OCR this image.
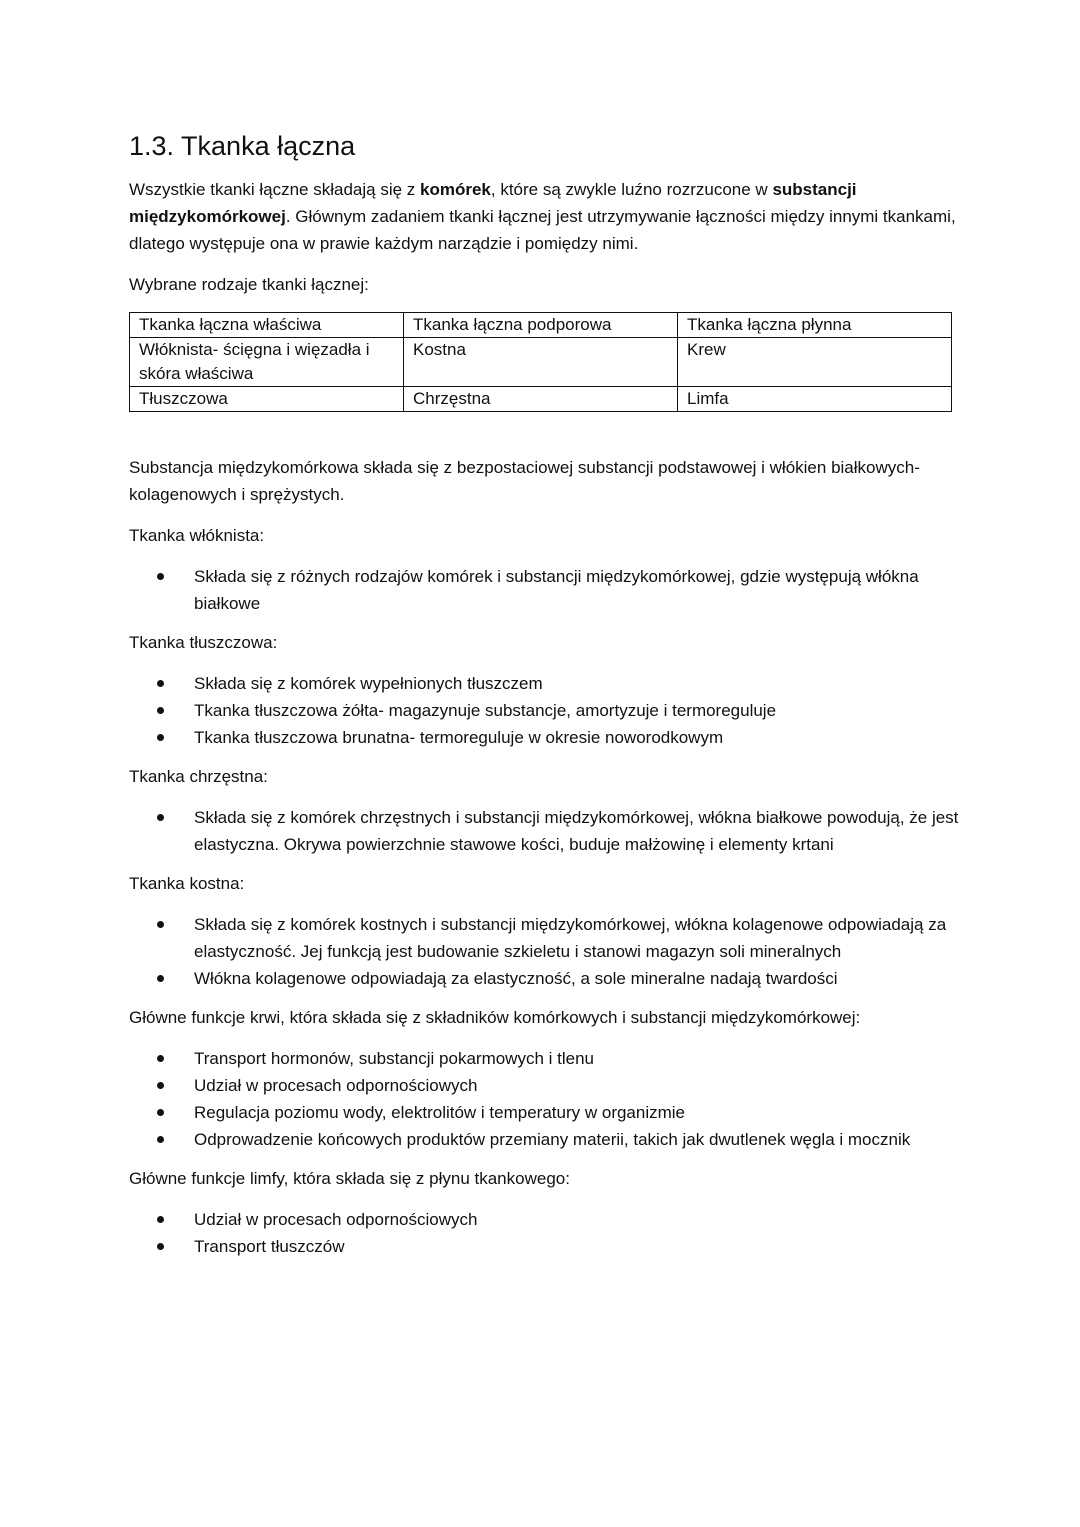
1.3. Tkanka łączna

Wszystkie tkanki łączne składają się z komórek, które są zwykle luźno rozrzucone w substancji międzykomórkowej. Głównym zadaniem tkanki łącznej jest utrzymywanie łączności między innymi tkankami, dlatego występuje ona w prawie każdym narządzie i pomiędzy nimi.

Wybrane rodzaje tkanki łącznej:

Tkanka łączna właściwa	Tkanka łączna podporowa	Tkanka łączna płynna
Włóknista- ścięgna i więzadła i skóra właściwa	Kostna	Krew
Tłuszczowa	Chrzęstna	Limfa

Substancja międzykomórkowa składa się z bezpostaciowej substancji podstawowej i włókien białkowych- kolagenowych i sprężystych.

Tkanka włóknista:

Składa się z różnych rodzajów komórek i substancji międzykomórkowej, gdzie występują włókna białkowe

Tkanka tłuszczowa:

Składa się z komórek wypełnionych tłuszczem
Tkanka tłuszczowa żółta- magazynuje substancje, amortyzuje i termoreguluje
Tkanka tłuszczowa brunatna- termoreguluje w okresie noworodkowym

Tkanka chrzęstna:

Składa się z komórek chrzęstnych i substancji międzykomórkowej, włókna białkowe powodują, że jest elastyczna. Okrywa powierzchnie stawowe kości, buduje małżowinę i elementy krtani

Tkanka kostna:

Składa się z komórek kostnych i substancji międzykomórkowej, włókna kolagenowe odpowiadają za elastyczność. Jej funkcją jest budowanie szkieletu i stanowi magazyn soli mineralnych
Włókna kolagenowe odpowiadają za elastyczność, a sole mineralne nadają twardości

Główne funkcje krwi, która składa się z składników komórkowych i substancji międzykomórkowej:

Transport hormonów, substancji pokarmowych i tlenu
Udział w procesach odpornościowych
Regulacja poziomu wody, elektrolitów i temperatury w organizmie
Odprowadzenie końcowych produktów przemiany materii, takich jak dwutlenek węgla i mocznik

Główne funkcje limfy, która składa się z płynu tkankowego:

Udział w procesach odpornościowych
Transport tłuszczów
